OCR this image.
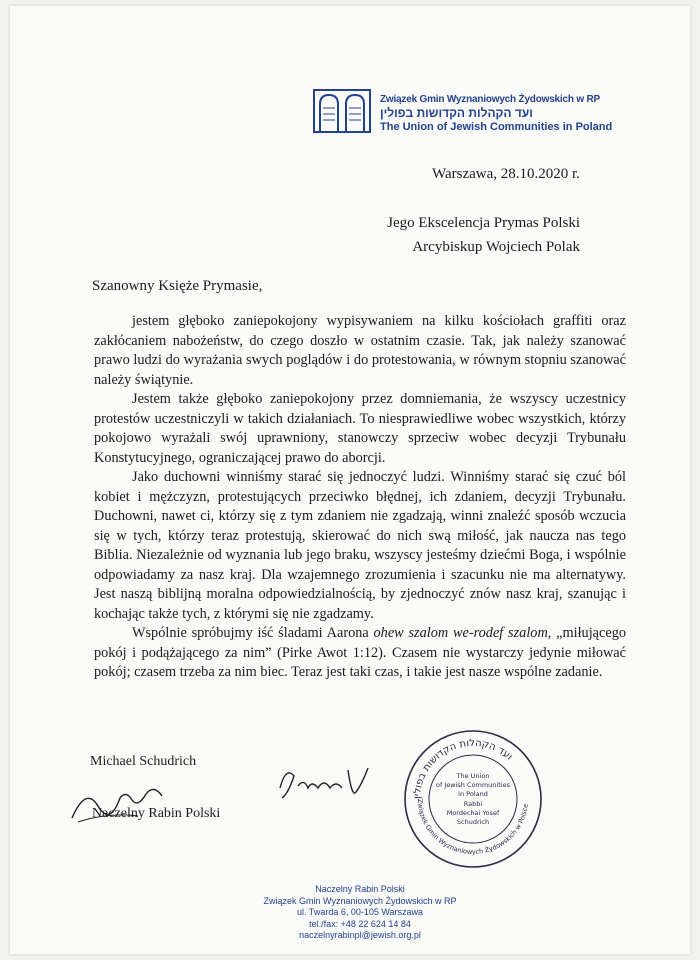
Związek Gmin Wyznaniowych Żydowskich w RP
ועד הקהלות הקדושות בפולין
The Union of Jewish Communities in Poland
Warszawa, 28.10.2020 r.
Jego Ekscelencja Prymas Polski
Arcybiskup Wojciech Polak
Szanowny Księże Prymasie,

jestem głęboko zaniepokojony wypisywaniem na kilku kościołach graffiti oraz zakłócaniem nabożeństw, do czego doszło w ostatnim czasie. Tak, jak należy szanować prawo ludzi do wyrażania swych poglądów i do protestowania, w równym stopniu szanować należy świątynie.

Jestem także głęboko zaniepokojony przez domniemania, że wszyscy uczestnicy protestów uczestniczyli w takich działaniach. To niesprawiedliwe wobec wszystkich, którzy pokojowo wyrażali swój uprawniony, stanowczy sprzeciw wobec decyzji Trybunału Konstytucyjnego, ograniczającej prawo do aborcji.

Jako duchowni winniśmy starać się jednoczyć ludzi. Winniśmy starać się czuć ból kobiet i mężczyzn, protestujących przeciwko błędnej, ich zdaniem, decyzji Trybunału. Duchowni, nawet ci, którzy się z tym zdaniem nie zgadzają, winni znaleźć sposób wczucia się w tych, którzy teraz protestują, skierować do nich swą miłość, jak naucza nas tego Biblia. Niezależnie od wyznania lub jego braku, wszyscy jesteśmy dziećmi Boga, i wspólnie odpowiadamy za nasz kraj. Dla wzajemnego zrozumienia i szacunku nie ma alternatywy. Jest naszą biblijną moralna odpowiedzialnością, by zjednoczyć znów nasz kraj, szanując i kochając także tych, z którymi się nie zgadzamy.

Wspólnie spróbujmy iść śladami Aarona ohew szalom we-rodef szalom, „miłującego pokój i podążającego za nim” (Pirke Awot 1:12). Czasem nie wystarczy jedynie miłować pokój; czasem trzeba za nim biec. Teraz jest taki czas, i takie jest nasze wspólne zadanie.

Michael Schudrich
Naczelny Rabin Polski
ועד הקהלות הקדושות בפולין
Związek Gmin Wyznaniowych Żydowskich w Polsce
The Union
of Jewish Communities
in Poland
Rabbi
Mordechai Yosef
Schudrich
Naczelny Rabin Polski
Związek Gmin Wyznaniowych Żydowskich w RP
ul. Twarda 6, 00-105 Warszawa
tel./fax: +48 22 624 14 84
naczelnyrabinpl@jewish.org.pl
